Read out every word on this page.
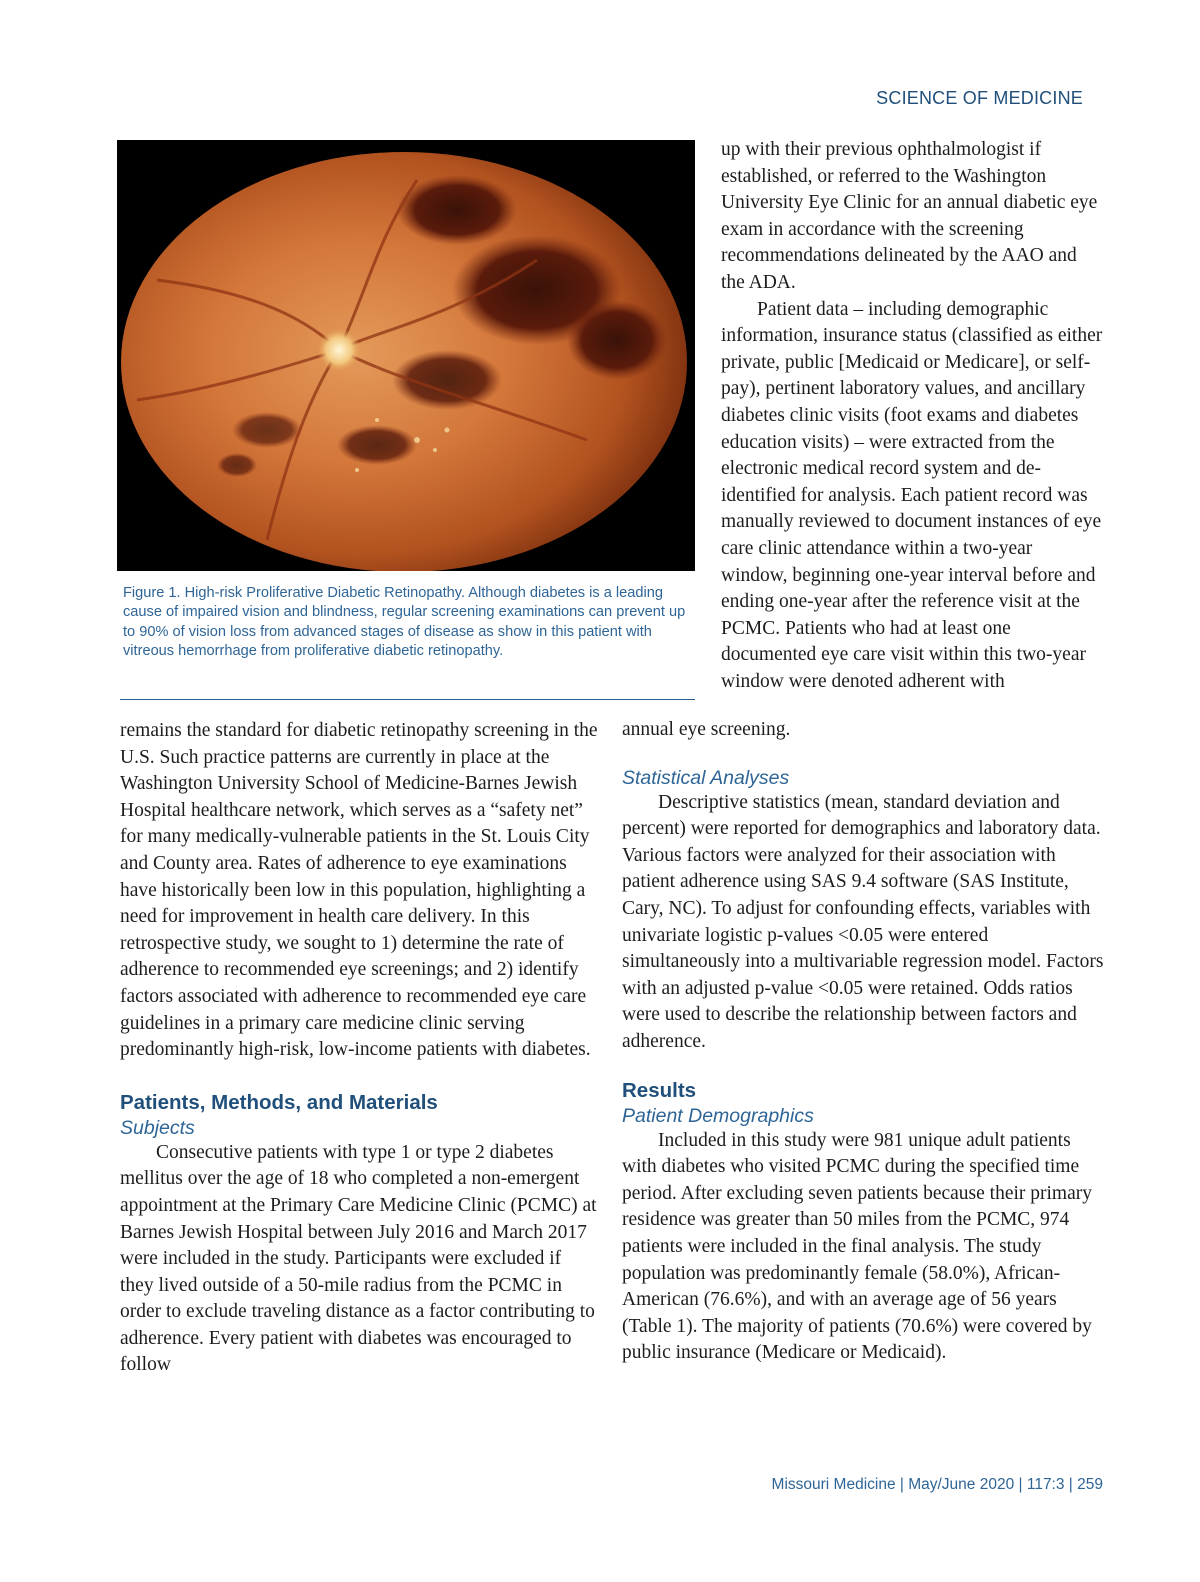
SCIENCE OF MEDICINE
Figure 1. High-risk Proliferative Diabetic Retinopathy. Although diabetes is a leading cause of impaired vision and blindness, regular screening examinations can prevent up to 90% of vision loss from advanced stages of disease as show in this patient with vitreous hemorrhage from proliferative diabetic retinopathy.

up with their previous ophthalmologist if established, or referred to the Washington University Eye Clinic for an annual diabetic eye exam in accordance with the screening recommendations delineated by the AAO and the ADA.

Patient data – including demographic information, insurance status (classified as either private, public [Medicaid or Medicare], or self-pay), pertinent laboratory values, and ancillary diabetes clinic visits (foot exams and diabetes education visits) – were extracted from the electronic medical record system and de-identified for analysis. Each patient record was manually reviewed to document instances of eye care clinic attendance within a two-year window, beginning one-year interval before and ending one-year after the reference visit at the PCMC. Patients who had at least one documented eye care visit within this two-year window were denoted adherent with

annual eye screening.

Statistical Analyses

Descriptive statistics (mean, standard deviation and percent) were reported for demographics and laboratory data. Various factors were analyzed for their association with patient adherence using SAS 9.4 software (SAS Institute, Cary, NC). To adjust for confounding effects, variables with univariate logistic p-values <0.05 were entered simultaneously into a multivariable regression model. Factors with an adjusted p-value <0.05 were retained. Odds ratios were used to describe the relationship between factors and adherence.

Results
Patient Demographics

Included in this study were 981 unique adult patients with diabetes who visited PCMC during the specified time period. After excluding seven patients because their primary residence was greater than 50 miles from the PCMC, 974 patients were included in the final analysis. The study population was predominantly female (58.0%), African-American (76.6%), and with an average age of 56 years (Table 1). The majority of patients (70.6%) were covered by public insurance (Medicare or Medicaid).

remains the standard for diabetic retinopathy screening in the U.S. Such practice patterns are currently in place at the Washington University School of Medicine-Barnes Jewish Hospital healthcare network, which serves as a “safety net” for many medically-vulnerable patients in the St. Louis City and County area. Rates of adherence to eye examinations have historically been low in this population, highlighting a need for improvement in health care delivery. In this retrospective study, we sought to 1) determine the rate of adherence to recommended eye screenings; and 2) identify factors associated with adherence to recommended eye care guidelines in a primary care medicine clinic serving predominantly high-risk, low-income patients with diabetes.

Patients, Methods, and Materials
Subjects

Consecutive patients with type 1 or type 2 diabetes mellitus over the age of 18 who completed a non-emergent appointment at the Primary Care Medicine Clinic (PCMC) at Barnes Jewish Hospital between July 2016 and March 2017 were included in the study. Participants were excluded if they lived outside of a 50-mile radius from the PCMC in order to exclude traveling distance as a factor contributing to adherence. Every patient with diabetes was encouraged to follow

Missouri Medicine | May/June 2020 | 117:3 | 259
